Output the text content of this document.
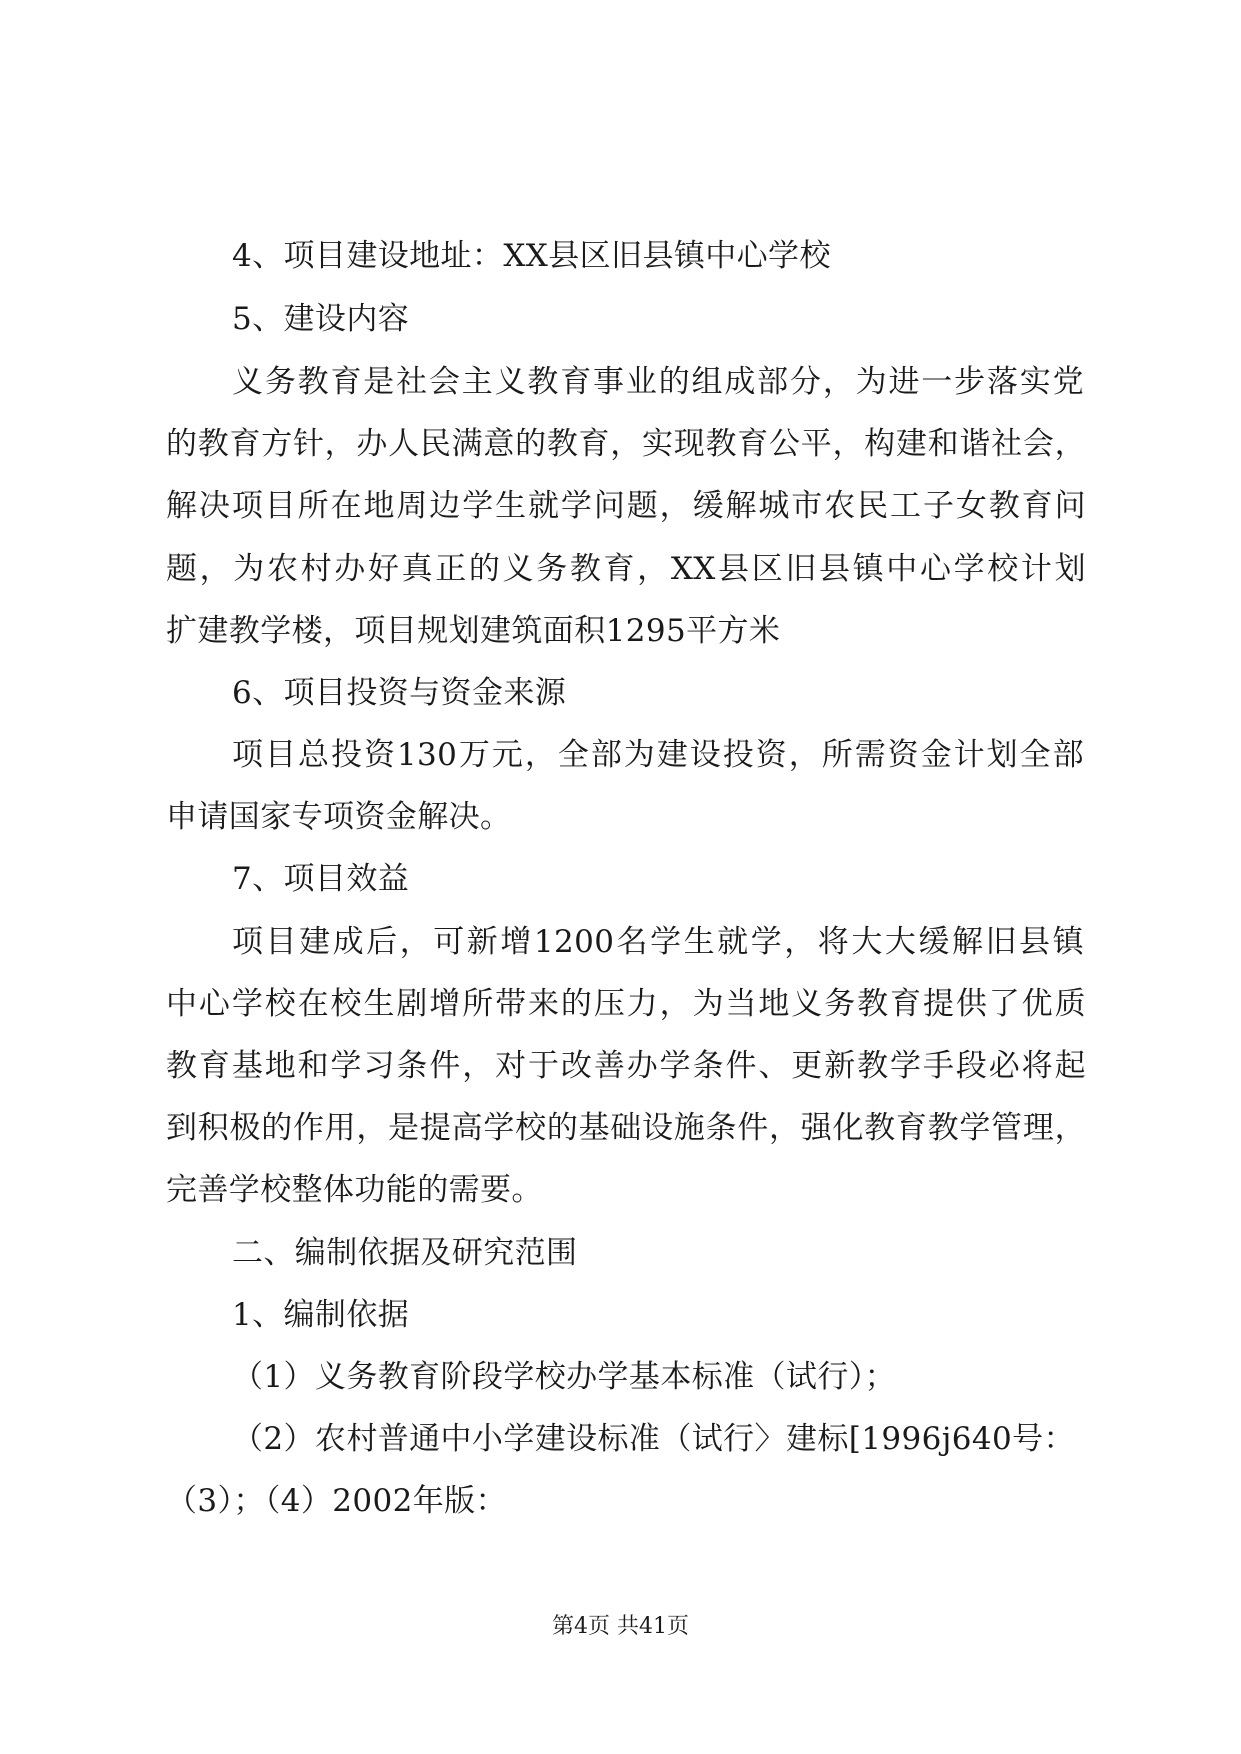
4、项目建设地址：XX县区旧县镇中心学校
5、建设内容
义务教育是社会主义教育事业的组成部分，为进一步落实党
的教育方针，办人民满意的教育，实现教育公平，构建和谐社会，
解决项目所在地周边学生就学问题，缓解城市农民工子女教育问
题，为农村办好真正的义务教育，XX县区旧县镇中心学校计划
扩建教学楼，项目规划建筑面积1295平方米
6、项目投资与资金来源
项目总投资130万元，全部为建设投资，所需资金计划全部
申请国家专项资金解决。
7、项目效益
项目建成后，可新增1200名学生就学，将大大缓解旧县镇
中心学校在校生剧增所带来的压力，为当地义务教育提供了优质
教育基地和学习条件，对于改善办学条件、更新教学手段必将起
到积极的作用，是提高学校的基础设施条件，强化教育教学管理，
完善学校整体功能的需要。
二、编制依据及研究范围
1、编制依据
（1）义务教育阶段学校办学基本标准（试行）；
（2）农村普通中小学建设标准（试行〉建标[1996j640号：
（3）；（4）2002年版：
第4页 共41页
